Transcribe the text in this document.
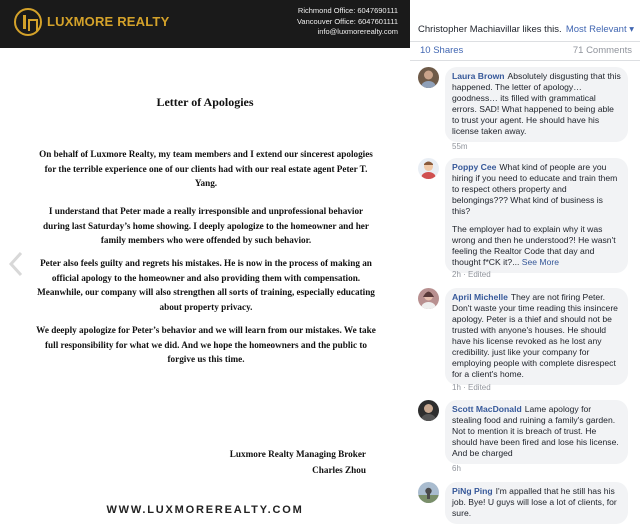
LUXMORE REALTY
Richmond Office: 6047690111
Vancouver Office: 6047601111
info@luxmorerealty.com
Letter of Apologies
On behalf of Luxmore Realty, my team members and I extend our sincerest apologies for the terrible experience one of our clients had with our real estate agent Peter T. Yang.
I understand that Peter made a really irresponsible and unprofessional behavior during last Saturday’s home showing. I deeply apologize to the homeowner and her family members who were offended by such behavior.
Peter also feels guilty and regrets his mistakes. He is now in the process of making an official apology to the homeowner and also providing them with compensation. Meanwhile, our company will also strengthen all sorts of training, especially educating about property privacy.
We deeply apologize for Peter’s behavior and we will learn from our mistakes. We take full responsibility for what we did. And we hope the homeowners and the public to forgive us this time.
Luxmore Realty Managing Broker
Charles Zhou
WWW.LUXMOREREALTY.COM
Photos from Luxmore Realty's post
Christopher Machiavillar likes this. Most Relevant ▾
10 Shares	71 Comments
Laura Brown Absolutely disgusting that this happened. The letter of apology… goodness… its filled with grammatical errors. SAD! What happened to being able to trust your agent. He should have his license taken away.
55m
Poppy Cee What kind of people are you hiring if you need to educate and train them to respect others property and belongings??? What kind of business is this?
The employer had to explain why it was wrong and then he understood?! He wasn't feeling the Realtor Code that day and thought f*CK it?... See More
2h · Edited
April Michelle They are not firing Peter. Don't waste your time reading this insincere apology. Peter is a thief and should not be trusted with anyone's houses. He should have his license revoked as he lost any credibility. just like your company for employing people with complete disrespect for a client's home.
1h · Edited
Scott MacDonald Lame apology for stealing food and ruining a family's garden. Not to mention it is breach of trust. He should have been fired and lose his license. And be charged
6h
PiNg Ping I'm appalled that he still has his job. Bye! U guys will lose a lot of clients, for sure.
